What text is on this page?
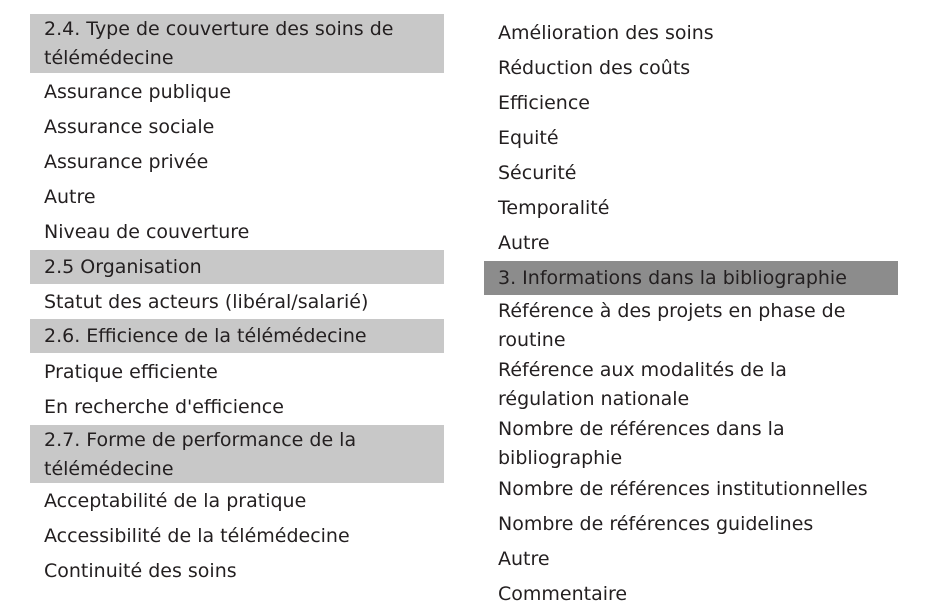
2.4. Type de couverture des soins de télémédecine
Assurance publique
Assurance sociale
Assurance privée
Autre
Niveau de couverture
2.5 Organisation
Statut des acteurs (libéral/salarié)
2.6. Efficience de la télémédecine
Pratique efficiente
En recherche d'efficience
2.7. Forme de performance de la télémédecine
Acceptabilité de la pratique
Accessibilité de la télémédecine
Continuité des soins
Amélioration des soins
Réduction des coûts
Efficience
Equité
Sécurité
Temporalité
Autre
3. Informations dans la bibliographie
Référence à des projets en phase de routine
Référence aux modalités de la régulation nationale
Nombre de références dans la bibliographie
Nombre de références institutionnelles
Nombre de références guidelines
Autre
Commentaire
